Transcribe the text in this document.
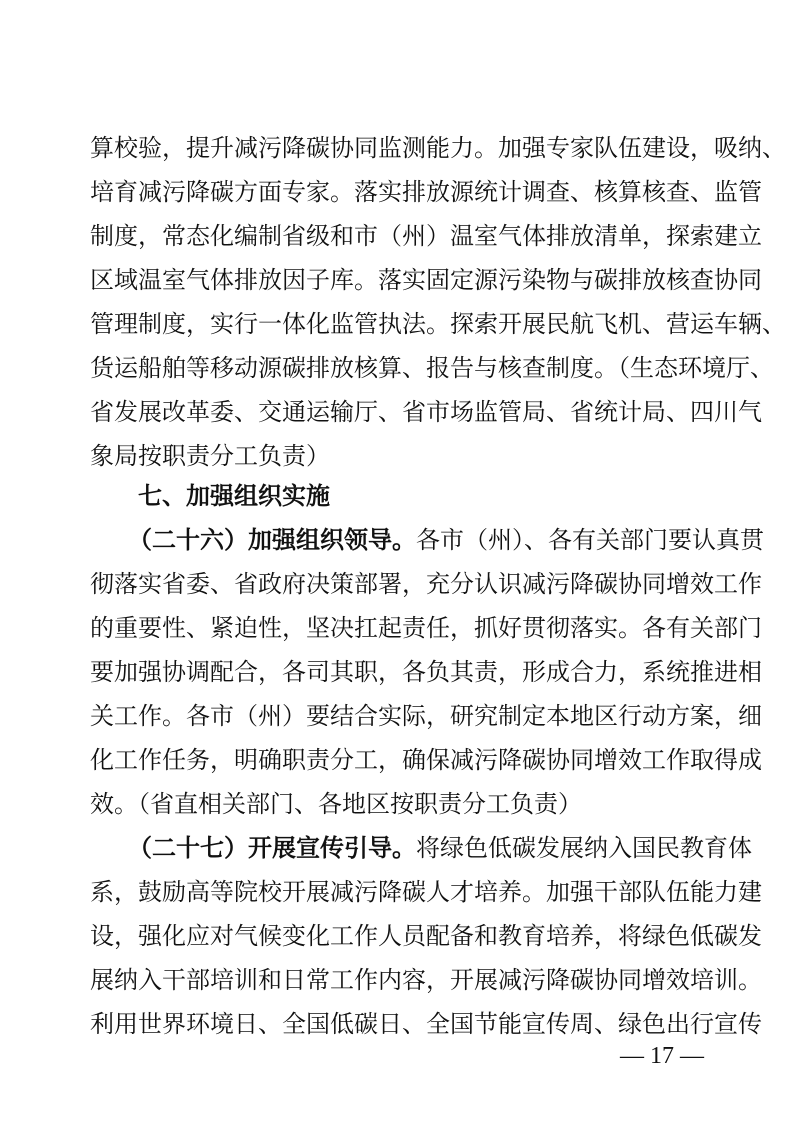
算校验，提升减污降碳协同监测能力。加强专家队伍建设，吸纳、
培育减污降碳方面专家。落实排放源统计调查、核算核查、监管
制度，常态化编制省级和市（州）温室气体排放清单，探索建立
区域温室气体排放因子库。落实固定源污染物与碳排放核查协同
管理制度，实行一体化监管执法。探索开展民航飞机、营运车辆、
货运船舶等移动源碳排放核算、报告与核查制度。（生态环境厅、
省发展改革委、交通运输厅、省市场监管局、省统计局、四川气
象局按职责分工负责）
七、加强组织实施
（二十六）加强组织领导。各市（州）、各有关部门要认真贯
彻落实省委、省政府决策部署，充分认识减污降碳协同增效工作
的重要性、紧迫性，坚决扛起责任，抓好贯彻落实。各有关部门
要加强协调配合，各司其职，各负其责，形成合力，系统推进相
关工作。各市（州）要结合实际，研究制定本地区行动方案，细
化工作任务，明确职责分工，确保减污降碳协同增效工作取得成
效。（省直相关部门、各地区按职责分工负责）
（二十七）开展宣传引导。将绿色低碳发展纳入国民教育体
系，鼓励高等院校开展减污降碳人才培养。加强干部队伍能力建
设，强化应对气候变化工作人员配备和教育培养，将绿色低碳发
展纳入干部培训和日常工作内容，开展减污降碳协同增效培训。
利用世界环境日、全国低碳日、全国节能宣传周、绿色出行宣传
— 17 —
